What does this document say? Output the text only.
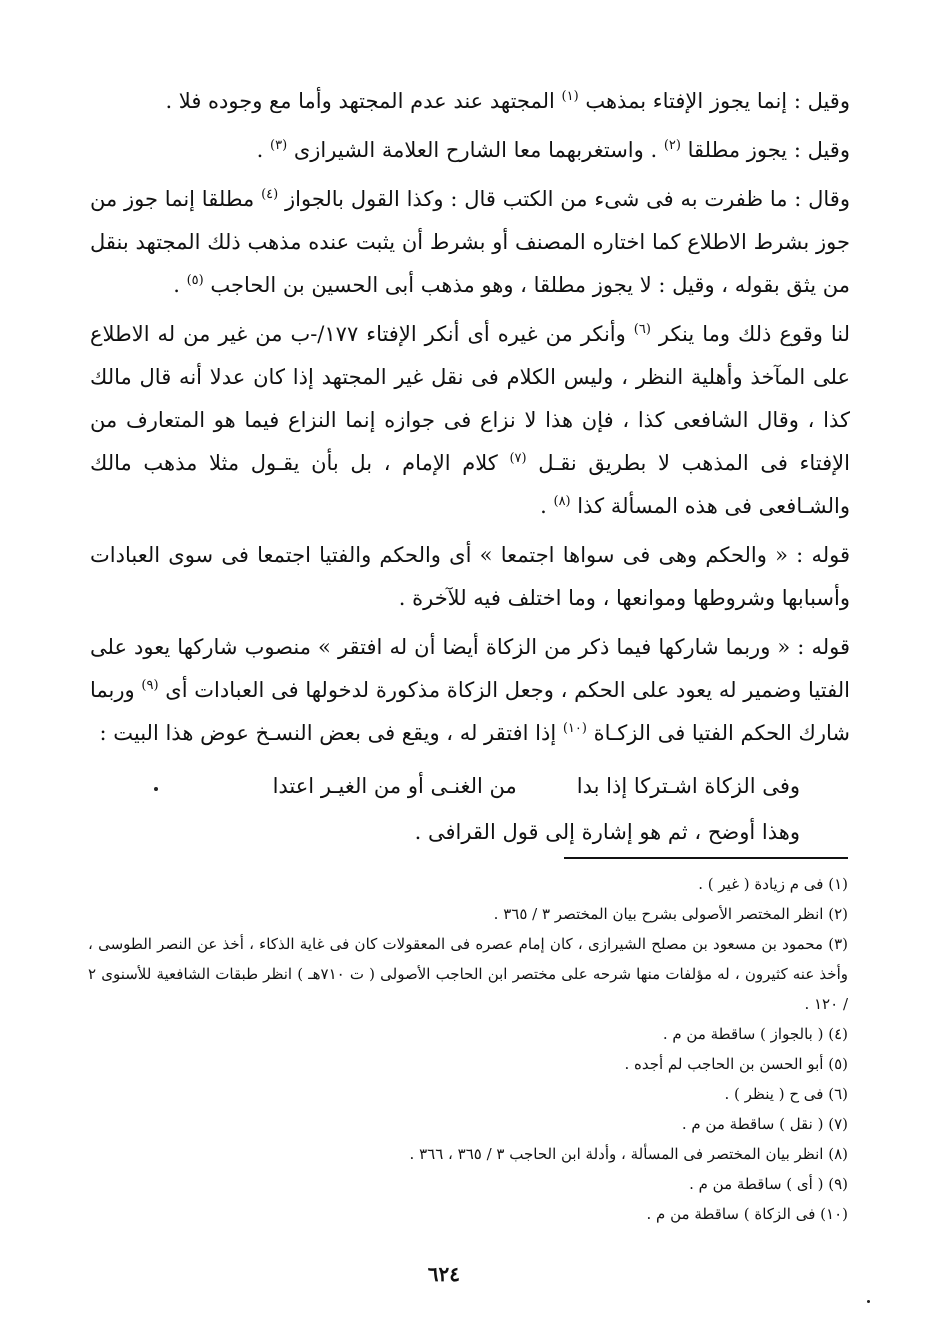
وقيل : إنما يجوز الإفتاء بمذهب $^{(١)}$ المجتهد عند عدم المجتهد وأما مع وجوده فلا .

وقيل : يجوز مطلقا $^{(٢)}$ . واستغربهما معا الشارح العلامة الشيرازى $^{(٣)}$ .

وقال : ما ظفرت به فى شىء من الكتب قال : وكذا القول بالجواز $^{(٤)}$ مطلقا إنما جوز من جوز بشرط الاطلاع كما اختاره المصنف أو بشرط أن يثبت عنده مذهب ذلك المجتهد بنقل من يثق بقوله ، وقيل : لا يجوز مطلقا ، وهو مذهب أبى الحسين بن الحاجب $^{(٥)}$ .

لنا وقوع ذلك وما ينكر $^{(٦)}$ وأنكر من غيره أى أنكر الإفتاء ١٧٧/-ب من غير من له الاطلاع على المآخذ وأهلية النظر ، وليس الكلام فى نقل غير المجتهد إذا كان عدلا أنه قال مالك كذا ، وقال الشافعى كذا ، فإن هذا لا نزاع فى جوازه إنما النزاع فيما هو المتعارف من الإفتاء فى المذهب لا بطريق نقـل $^{(٧)}$ كلام الإمام ، بل بأن يقـول مثلا مذهب مالك والشـافعى فى هذه المسألة كذا $^{(٨)}$ .

قوله : « والحكم وهى فى سواها اجتمعا » أى والحكم والفتيا اجتمعا فى سوى العبادات وأسبابها وشروطها وموانعها ، وما اختلف فيه للآخرة .

قوله : « وربما شاركها فيما ذكر من الزكاة أيضا أن له افتقر » منصوب شاركها يعود على الفتيا وضمير له يعود على الحكم ، وجعل الزكاة مذكورة لدخولها فى العبادات أى $^{(٩)}$ وربما شارك الحكم الفتيا فى الزكـاة $^{(١٠)}$ إذا افتقر له ، ويقع فى بعض النسـخ عوض هذا البيت :

وفى الزكاة اشـتركا إذا بدا
من الغنـى أو من الغيـر اعتدا

وهذا أوضح ، ثم هو إشارة إلى قول القرافى .

(١) فى م زيادة ( غير ) .

(٢) انظر المختصر الأصولى بشرح بيان المختصر ٣ / ٣٦٥ .

(٣) محمود بن مسعود بن مصلح الشيرازى ، كان إمام عصره فى المعقولات كان فى غاية الذكاء ، أخذ عن النصر الطوسى ، وأخذ عنه كثيرون ، له مؤلفات منها شرحه على مختصر ابن الحاجب الأصولى ( ت ٧١٠هـ ) انظر طبقات الشافعية للأسنوى ٢ / ١٢٠ .

(٤) ( بالجواز ) ساقطة من م .

(٥) أبو الحسن بن الحاجب لم أجده .

(٦) فى ح ( ينظر ) .

(٧) ( نقل ) ساقطة من م .

(٨) انظر بيان المختصر فى المسألة ، وأدلة ابن الحاجب ٣ / ٣٦٥ ، ٣٦٦ .

(٩) ( أى ) ساقطة من م .

(١٠) فى الزكاة ) ساقطة من م .

٦٢٤
